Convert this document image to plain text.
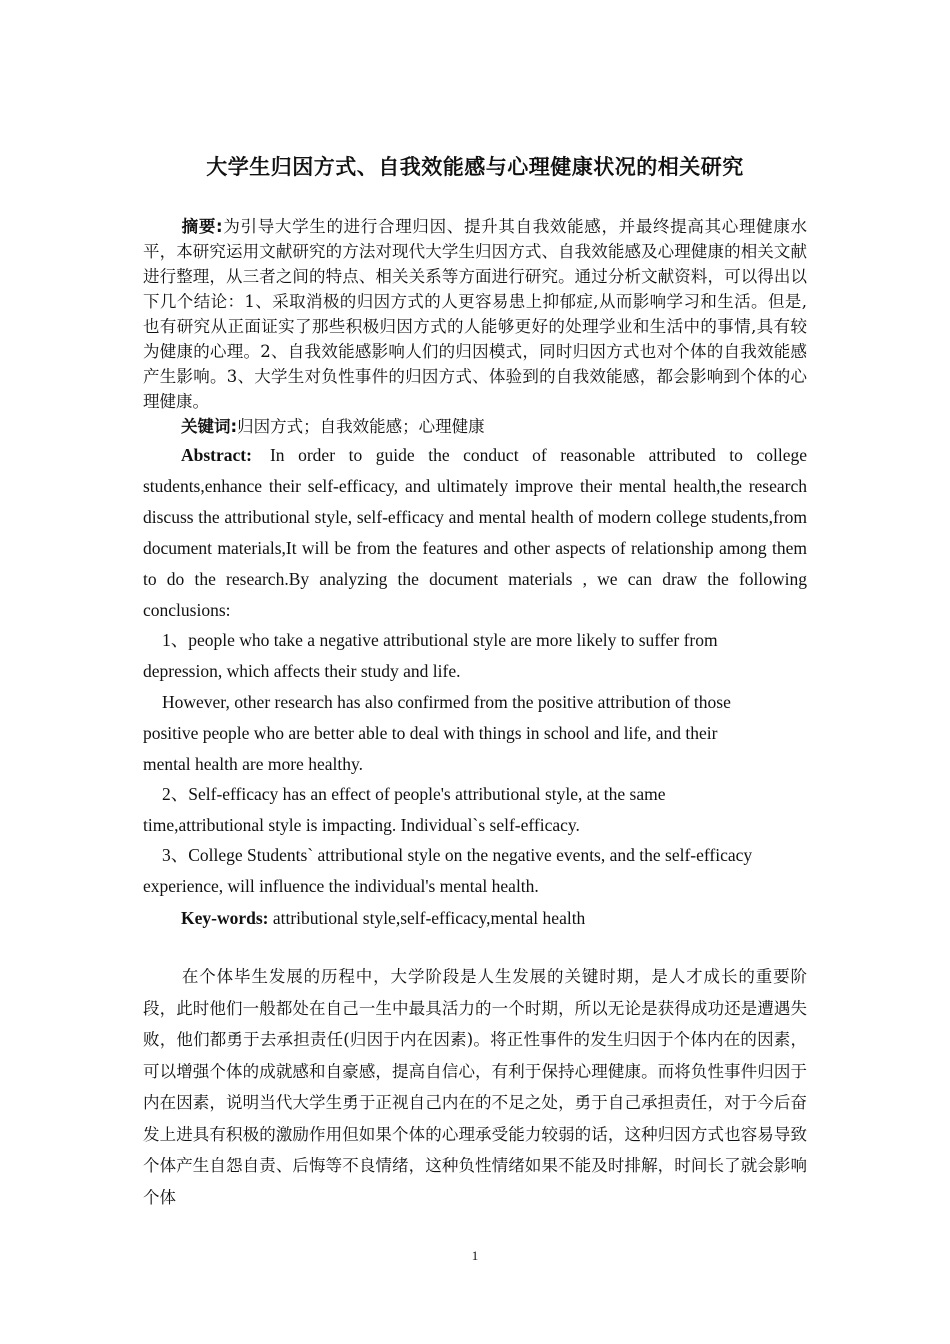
大学生归因方式、自我效能感与心理健康状况的相关研究
摘要:为引导大学生的进行合理归因、提升其自我效能感，并最终提高其心理健康水平，本研究运用文献研究的方法对现代大学生归因方式、自我效能感及心理健康的相关文献进行整理，从三者之间的特点、相关关系等方面进行研究。通过分析文献资料，可以得出以下几个结论：1、采取消极的归因方式的人更容易患上抑郁症,从而影响学习和生活。但是,也有研究从正面证实了那些积极归因方式的人能够更好的处理学业和生活中的事情,具有较为健康的心理。2、自我效能感影响人们的归因模式，同时归因方式也对个体的自我效能感产生影响。3、大学生对负性事件的归因方式、体验到的自我效能感，都会影响到个体的心理健康。
关键词:归因方式；自我效能感；心理健康
Abstract: In order to guide the conduct of reasonable attributed to college students,enhance their self-efficacy, and ultimately improve their mental health,the research discuss the attributional style, self-efficacy and mental health of modern college students,from document materials,It will be from the features and other aspects of relationship among them to do the research.By analyzing the document materials , we can draw the following conclusions:
1、people who take a negative attributional style are more likely to suffer from
depression, which affects their study and life.
However, other research has also confirmed from the positive attribution of those
positive people who are better able to deal with things in school and life, and their
mental health are more healthy.
2、Self-efficacy has an effect of people's attributional style, at the same
time,attributional style is impacting. Individual`s self-efficacy.
3、College Students` attributional style on the negative events, and the self-efficacy
experience, will influence the individual's mental health.
Key-words: attributional style,self-efficacy,mental health
在个体毕生发展的历程中，大学阶段是人生发展的关键时期，是人才成长的重要阶段，此时他们一般都处在自己一生中最具活力的一个时期，所以无论是获得成功还是遭遇失败，他们都勇于去承担责任(归因于内在因素)。将正性事件的发生归因于个体内在的因素，可以增强个体的成就感和自豪感，提高自信心，有利于保持心理健康。而将负性事件归因于内在因素，说明当代大学生勇于正视自己内在的不足之处，勇于自己承担责任，对于今后奋发上进具有积极的激励作用但如果个体的心理承受能力较弱的话，这种归因方式也容易导致个体产生自怨自责、后悔等不良情绪，这种负性情绪如果不能及时排解，时间长了就会影响个体
1
